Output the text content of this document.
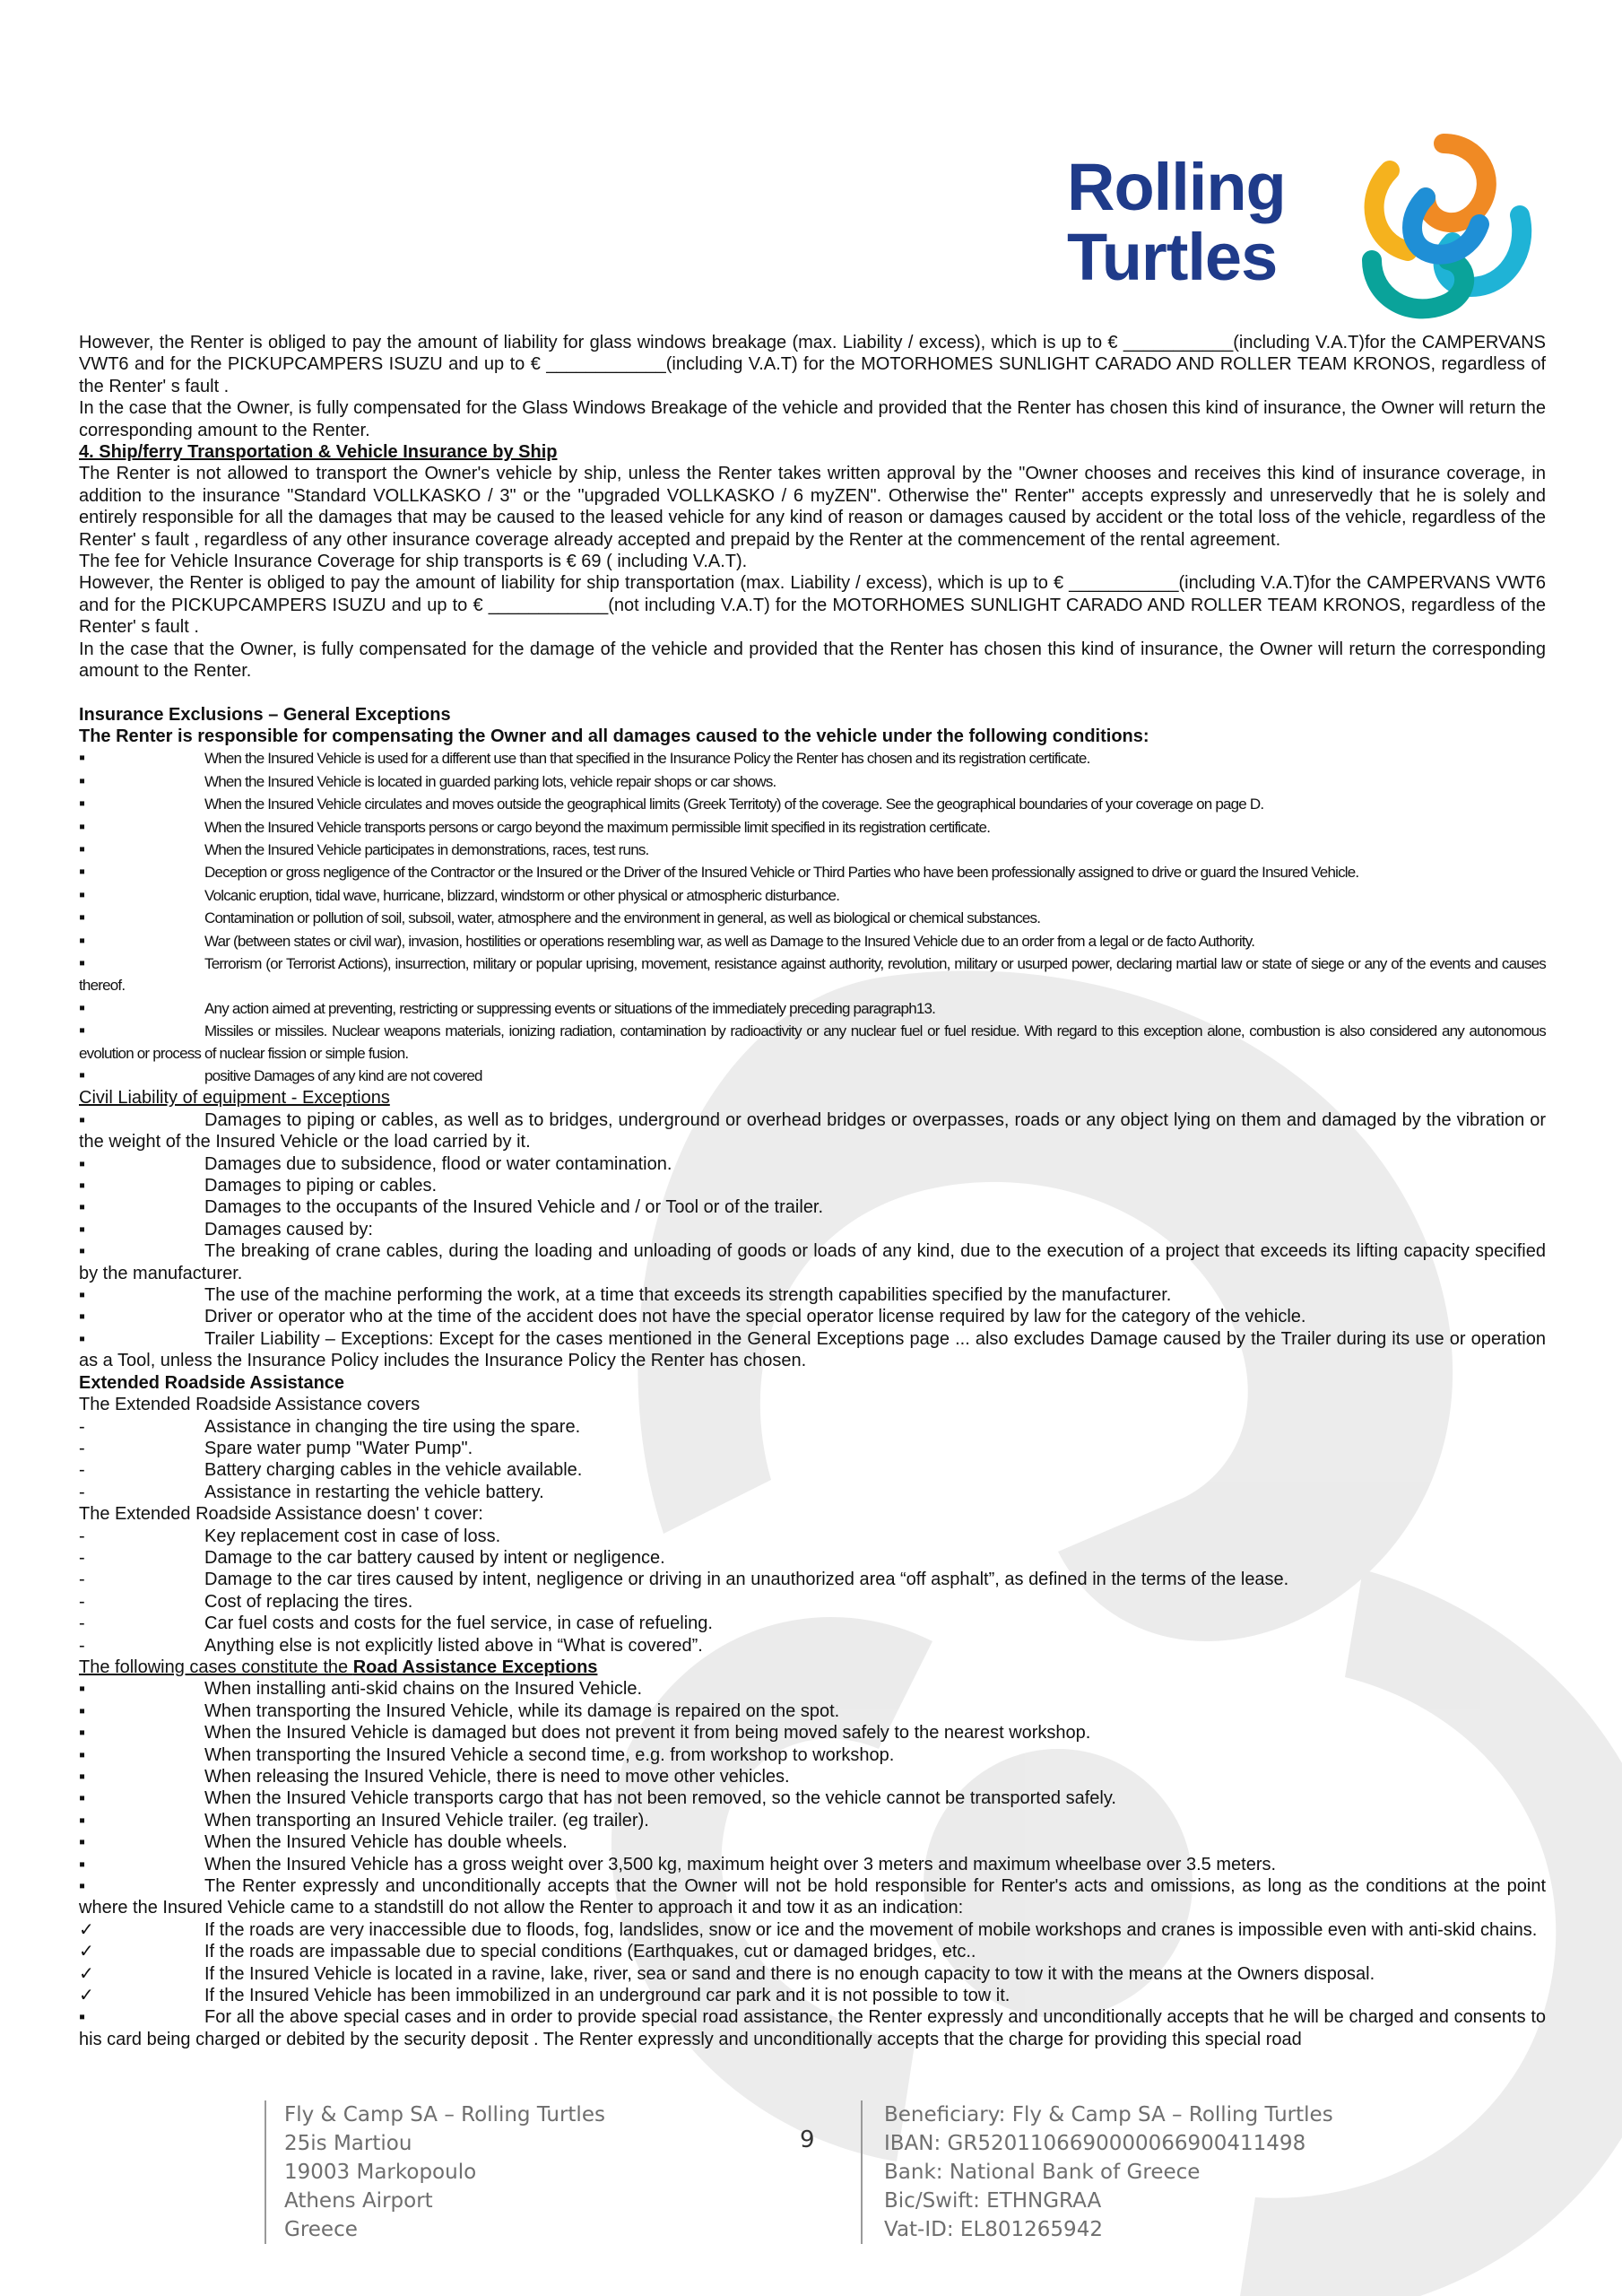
Rolling
Turtles

However, the Renter is obliged to pay the amount of liability for glass windows breakage (max. Liability / excess), which is up to € ___________(including V.A.T)for the CAMPERVANS VWT6 and for the PICKUPCAMPERS ISUZU and up to € ____________(including V.A.T) for the MOTORHOMES SUNLIGHT CARADO AND ROLLER TEAM KRONOS, regardless of the Renter' s fault .

In the case that the Owner, is fully compensated for the Glass Windows Breakage of the vehicle and provided that the Renter has chosen this kind of insurance, the Owner will return the corresponding amount to the Renter.

4. Ship/ferry Transportation & Vehicle Insurance by Ship

The Renter is not allowed to transport the Owner's vehicle by ship, unless the Renter takes written approval by the "Owner chooses and receives this kind of insurance coverage, in addition to the insurance "Standard VOLLKASKO / 3" or the "upgraded VOLLKASKO / 6 myZEN". Otherwise the" Renter" accepts expressly and unreservedly that he is solely and entirely responsible for all the damages that may be caused to the leased vehicle for any kind of reason or damages caused by accident or the total loss of the vehicle, regardless of the Renter' s fault , regardless of any other insurance coverage already accepted and prepaid by the Renter at the commencement of the rental agreement.

The fee for Vehicle Insurance Coverage for ship transports is € 69 ( including V.A.T).

However, the Renter is obliged to pay the amount of liability for ship transportation (max. Liability / excess), which is up to € ___________(including V.A.T)for the CAMPERVANS VWT6 and for the PICKUPCAMPERS ISUZU and up to € ____________(not including V.A.T) for the MOTORHOMES SUNLIGHT CARADO AND ROLLER TEAM KRONOS, regardless of the Renter' s fault .

In the case that the Owner, is fully compensated for the damage of the vehicle and provided that the Renter has chosen this kind of insurance, the Owner will return the corresponding amount to the Renter.

Insurance Exclusions – General Exceptions

The Renter is responsible for compensating the Owner and all damages caused to the vehicle under the following conditions:

▪	When the Insured Vehicle is used for a different use than that specified in the Insurance Policy the Renter has chosen and its registration certificate.

▪	When the Insured Vehicle is located in guarded parking lots, vehicle repair shops or car shows.

▪	When the Insured Vehicle circulates and moves outside the geographical limits (Greek Territoty) of the coverage. See the geographical boundaries of your coverage on page D.

▪	When the Insured Vehicle transports persons or cargo beyond the maximum permissible limit specified in its registration certificate.

▪	When the Insured Vehicle participates in demonstrations, races, test runs.

▪	Deception or gross negligence of the Contractor or the Insured or the Driver of the Insured Vehicle or Third Parties who have been professionally assigned to drive or guard the Insured Vehicle.

▪	Volcanic eruption, tidal wave, hurricane, blizzard, windstorm or other physical or atmospheric disturbance.

▪	Contamination or pollution of soil, subsoil, water, atmosphere and the environment in general, as well as biological or chemical substances.

▪	War (between states or civil war), invasion, hostilities or operations resembling war, as well as Damage to the Insured Vehicle due to an order from a legal or de facto Authority.

▪	Terrorism (or Terrorist Actions), insurrection, military or popular uprising, movement, resistance against authority, revolution, military or usurped power, declaring martial law or state of siege or any of the events and causes thereof.

▪	Any action aimed at preventing, restricting or suppressing events or situations of the immediately preceding paragraph13.

▪	Missiles or missiles. Nuclear weapons materials, ionizing radiation, contamination by radioactivity or any nuclear fuel or fuel residue. With regard to this exception alone, combustion is also considered any autonomous evolution or process of nuclear fission or simple fusion.

▪	positive Damages of any kind are not covered

Civil Liability of equipment - Exceptions

▪	Damages to piping or cables, as well as to bridges, underground or overhead bridges or overpasses, roads or any object lying on them and damaged by the vibration or the weight of the Insured Vehicle or the load carried by it.

▪	Damages due to subsidence, flood or water contamination.

▪	Damages to piping or cables.

▪	Damages to the occupants of the Insured Vehicle and / or Tool or of the trailer.

▪	Damages caused by:

▪	The breaking of crane cables, during the loading and unloading of goods or loads of any kind, due to the execution of a project that exceeds its lifting capacity specified by the manufacturer.

▪	The use of the machine performing the work, at a time that exceeds its strength capabilities specified by the manufacturer.

▪	Driver or operator who at the time of the accident does not have the special operator license required by law for the category of the vehicle.

▪	Trailer Liability – Exceptions: Except for the cases mentioned in the General Exceptions page ... also excludes Damage caused by the Trailer during its use or operation as a Tool, unless the Insurance Policy includes the Insurance Policy the Renter has chosen.

Extended Roadside Assistance

The Extended Roadside Assistance covers

-	Assistance in changing the tire using the spare.

-	Spare water pump "Water Pump".

-	Battery charging cables in the vehicle available.

-	Assistance in restarting the vehicle battery.

The Extended Roadside Assistance doesn' t cover:

-	Key replacement cost in case of loss.

-	Damage to the car battery caused by intent or negligence.

-	Damage to the car tires caused by intent, negligence or driving in an unauthorized area “off asphalt”, as defined in the terms of the lease.

-	Cost of replacing the tires.

-	Car fuel costs and costs for the fuel service, in case of refueling.

-	Anything else is not explicitly listed above in “What is covered”.

The following cases constitute the Road Assistance Exceptions

▪	When installing anti-skid chains on the Insured Vehicle.

▪	When transporting the Insured Vehicle, while its damage is repaired on the spot.

▪	When the Insured Vehicle is damaged but does not prevent it from being moved safely to the nearest workshop.

▪	When transporting the Insured Vehicle a second time, e.g. from workshop to workshop.

▪	When releasing the Insured Vehicle, there is need to move other vehicles.

▪	When the Insured Vehicle transports cargo that has not been removed, so the vehicle cannot be transported safely.

▪	When transporting an Insured Vehicle trailer. (eg trailer).

▪	When the Insured Vehicle has double wheels.

▪	When the Insured Vehicle has a gross weight over 3,500 kg, maximum height over 3 meters and maximum wheelbase over 3.5 meters.

▪	The Renter expressly and unconditionally accepts that the Owner will not be hold responsible for Renter's acts and omissions, as long as the conditions at the point where the Insured Vehicle came to a standstill do not allow the Renter to approach it and tow it as an indication:

✓	If the roads are very inaccessible due to floods, fog, landslides, snow or ice and the movement of mobile workshops and cranes is impossible even with anti-skid chains.

✓	If the roads are impassable due to special conditions (Earthquakes, cut or damaged bridges, etc..

✓	If the Insured Vehicle is located in a ravine, lake, river, sea or sand and there is no enough capacity to tow it with the means at the Owners disposal.

✓	If the Insured Vehicle has been immobilized in an underground car park and it is not possible to tow it.

▪	For all the above special cases and in order to provide special road assistance, the Renter expressly and unconditionally accepts that he will be charged and consents to his card being charged or debited by the security deposit . The Renter expressly and unconditionally accepts that the charge for providing this special road

Fly & Camp SA – Rolling Turtles
25is Martiou
19003 Markopoulo
Athens Airport
Greece
9
Beneficiary: Fly & Camp SA – Rolling Turtles
IBAN: GR5201106690000066900411498
Bank: National Bank of Greece
Bic/Swift: ETHNGRAA
Vat-ID: EL801265942
